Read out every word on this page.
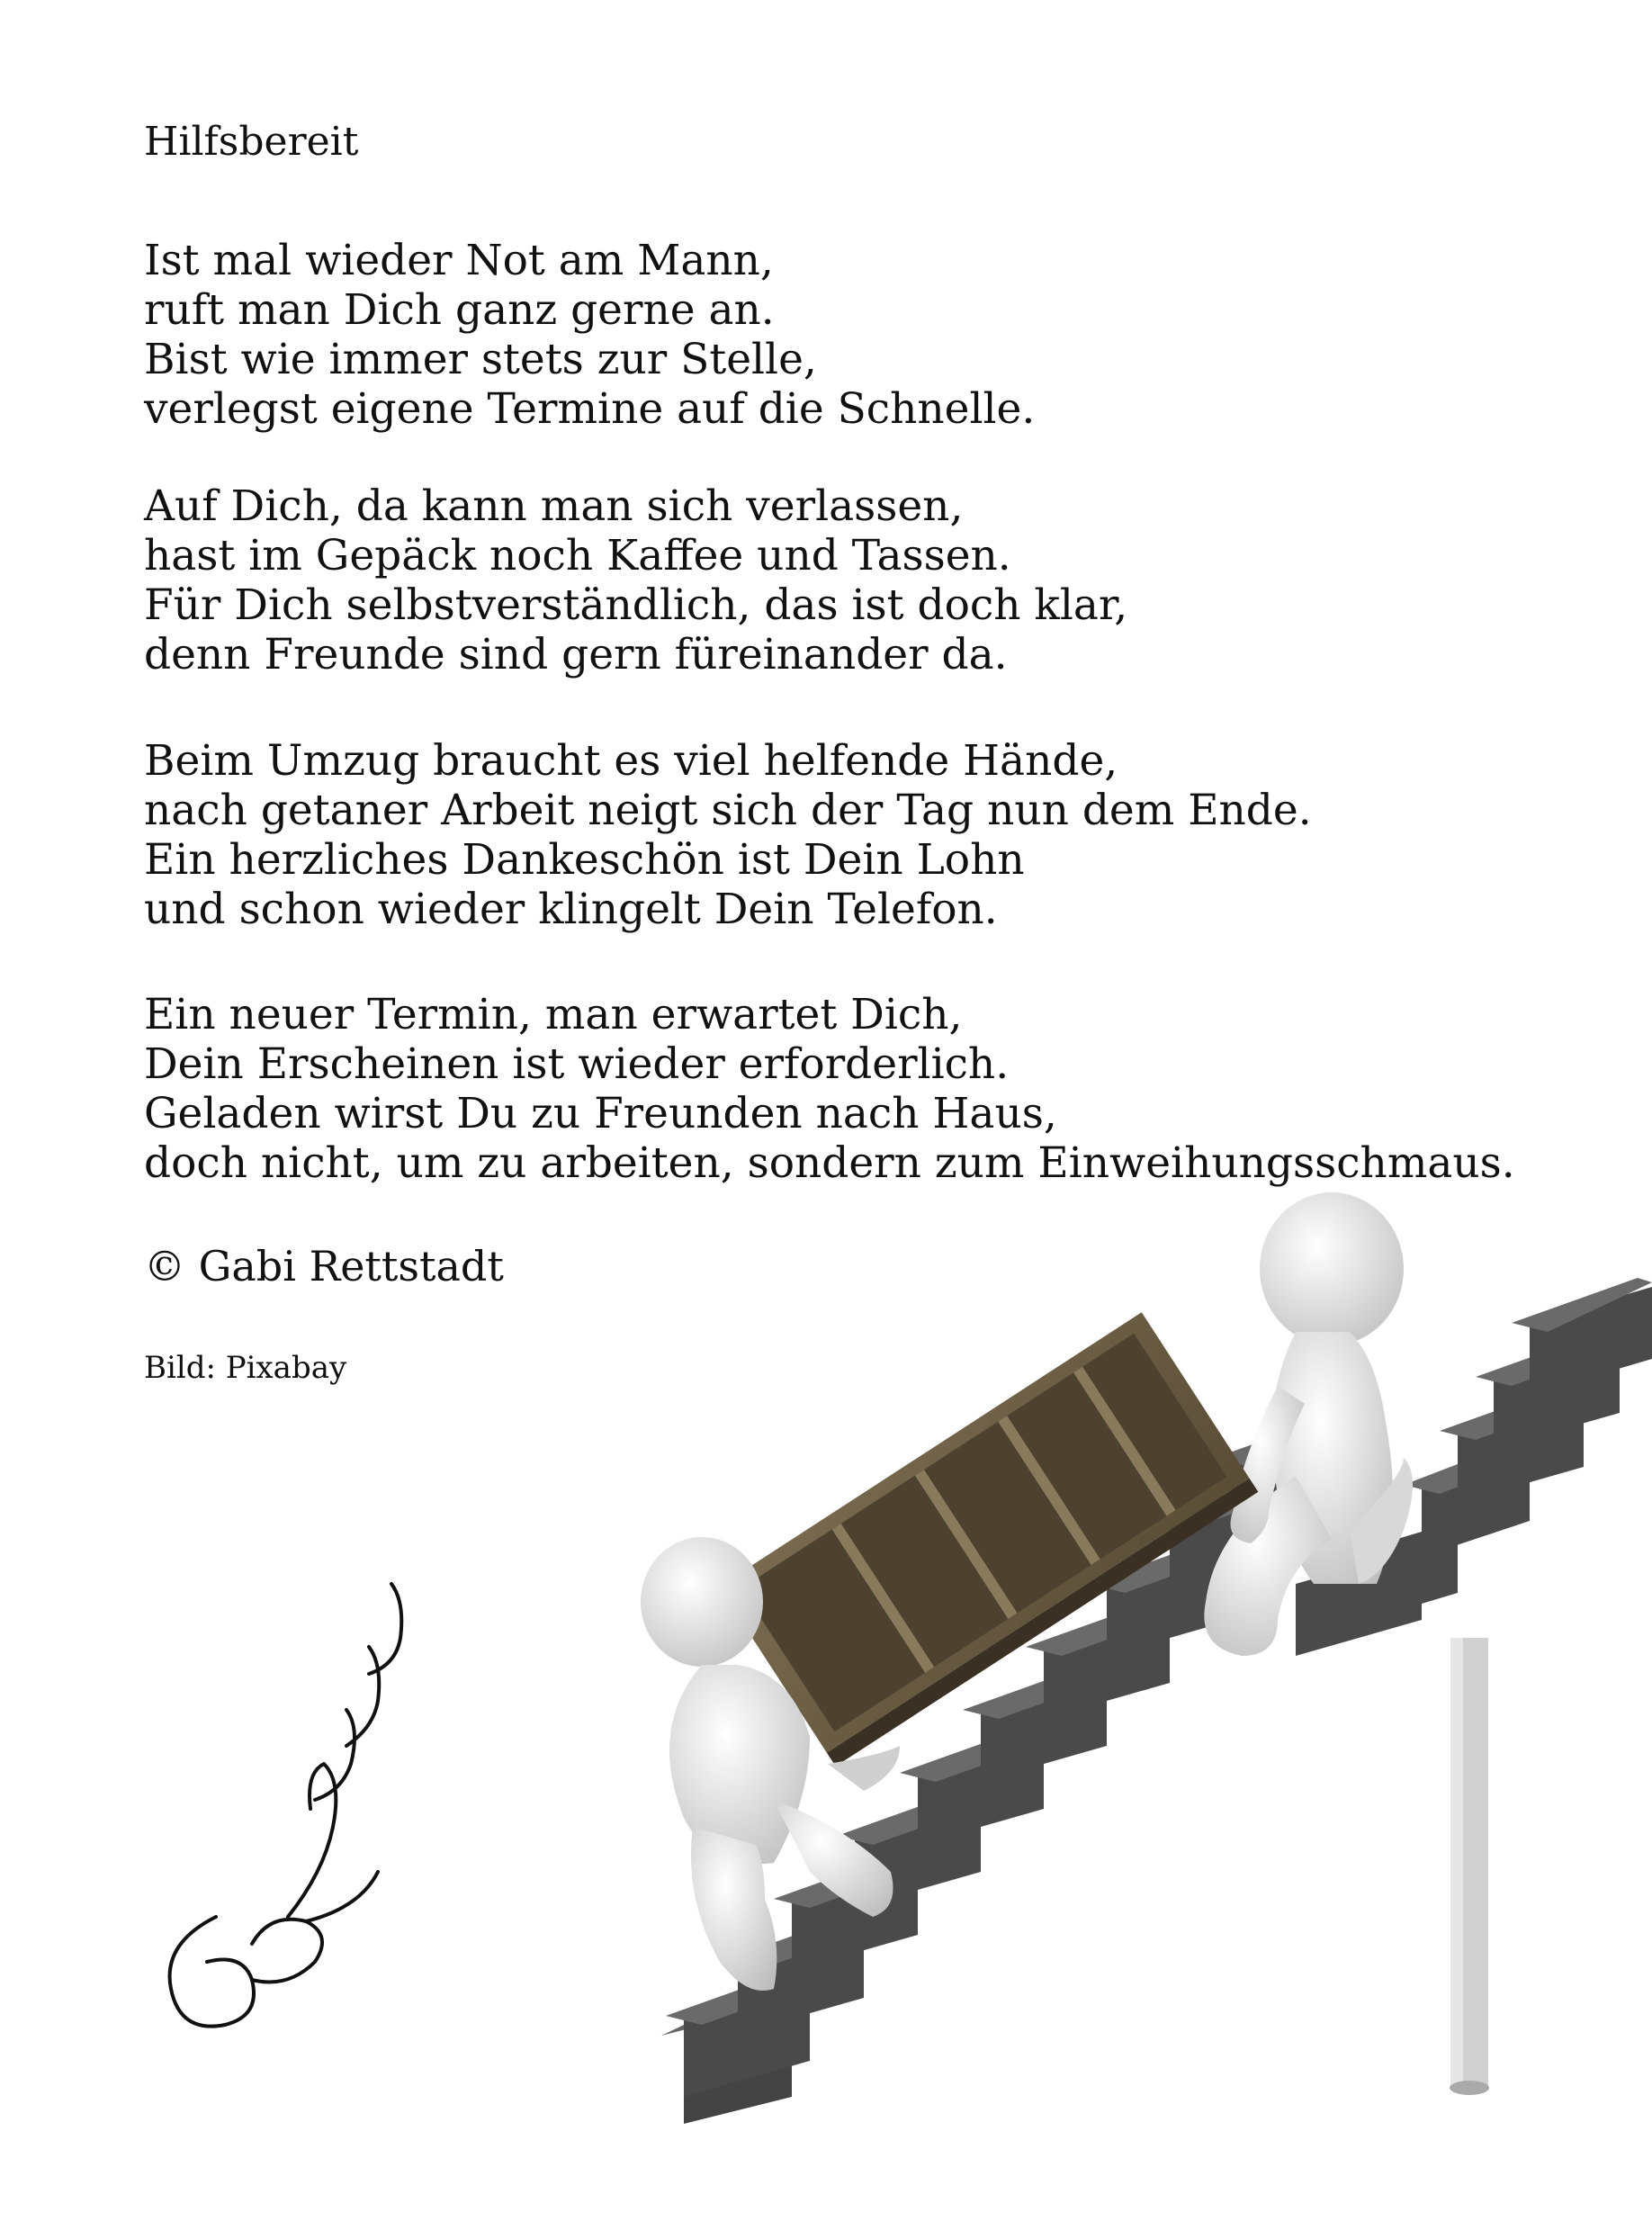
Hilfsbereit
Ist mal wieder Not am Mann,
ruft man Dich ganz gerne an.
Bist wie immer stets zur Stelle,
verlegst eigene Termine auf die Schnelle.
Auf Dich, da kann man sich verlassen,
hast im Gepäck noch Kaffee und Tassen.
Für Dich selbstverständlich, das ist doch klar,
denn Freunde sind gern füreinander da.
Beim Umzug braucht es viel helfende Hände,
nach getaner Arbeit neigt sich der Tag nun dem Ende.
Ein herzliches Dankeschön ist Dein Lohn
und schon wieder klingelt Dein Telefon.
Ein neuer Termin, man erwartet Dich,
Dein Erscheinen ist wieder erforderlich.
Geladen wirst Du zu Freunden nach Haus,
doch nicht, um zu arbeiten, sondern zum Einweihungsschmaus.
© Gabi Rettstadt
Bild: Pixabay
